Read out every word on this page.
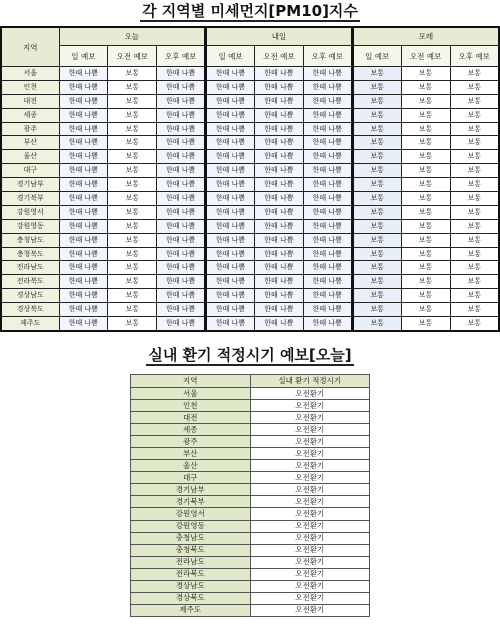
각 지역별 미세먼지[PM10]지수
지역	오늘			내일			모레		
	일 예보	오전 예보	오후 예보	일 예보	오전 예보	오후 예보	일 예보	오전 예보	오후 예보
서울	한때 나쁨	보통	한때 나쁨	한때 나쁨	한때 나쁨	한때 나쁨	보통	보통	보통
인천	한때 나쁨	보통	한때 나쁨	한때 나쁨	한때 나쁨	한때 나쁨	보통	보통	보통
대전	한때 나쁨	보통	한때 나쁨	한때 나쁨	한때 나쁨	한때 나쁨	보통	보통	보통
세종	한때 나쁨	보통	한때 나쁨	한때 나쁨	한때 나쁨	한때 나쁨	보통	보통	보통
광주	한때 나쁨	보통	한때 나쁨	한때 나쁨	한때 나쁨	한때 나쁨	보통	보통	보통
부산	한때 나쁨	보통	한때 나쁨	한때 나쁨	한때 나쁨	한때 나쁨	보통	보통	보통
울산	한때 나쁨	보통	한때 나쁨	한때 나쁨	한때 나쁨	한때 나쁨	보통	보통	보통
대구	한때 나쁨	보통	한때 나쁨	한때 나쁨	한때 나쁨	한때 나쁨	보통	보통	보통
경기남부	한때 나쁨	보통	한때 나쁨	한때 나쁨	한때 나쁨	한때 나쁨	보통	보통	보통
경기북부	한때 나쁨	보통	한때 나쁨	한때 나쁨	한때 나쁨	한때 나쁨	보통	보통	보통
강원영서	한때 나쁨	보통	한때 나쁨	한때 나쁨	한때 나쁨	한때 나쁨	보통	보통	보통
강원영동	한때 나쁨	보통	한때 나쁨	한때 나쁨	한때 나쁨	한때 나쁨	보통	보통	보통
충청남도	한때 나쁨	보통	한때 나쁨	한때 나쁨	한때 나쁨	한때 나쁨	보통	보통	보통
충청북도	한때 나쁨	보통	한때 나쁨	한때 나쁨	한때 나쁨	한때 나쁨	보통	보통	보통
전라남도	한때 나쁨	보통	한때 나쁨	한때 나쁨	한때 나쁨	한때 나쁨	보통	보통	보통
전라북도	한때 나쁨	보통	한때 나쁨	한때 나쁨	한때 나쁨	한때 나쁨	보통	보통	보통
경상남도	한때 나쁨	보통	한때 나쁨	한때 나쁨	한때 나쁨	한때 나쁨	보통	보통	보통
경상북도	한때 나쁨	보통	한때 나쁨	한때 나쁨	한때 나쁨	한때 나쁨	보통	보통	보통
제주도	한때 나쁨	보통	한때 나쁨	한때 나쁨	한때 나쁨	한때 나쁨	보통	보통	보통
실내 환기 적정시기 예보[오늘]
지역	실내 환기 적정시기
서울	오전환기
인천	오전환기
대전	오전환기
세종	오전환기
광주	오전환기
부산	오전환기
울산	오전환기
대구	오전환기
경기남부	오전환기
경기북부	오전환기
강원영서	오전환기
강원영동	오전환기
충청남도	오전환기
충청북도	오전환기
전라남도	오전환기
전라북도	오전환기
경상남도	오전환기
경상북도	오전환기
제주도	오전환기
